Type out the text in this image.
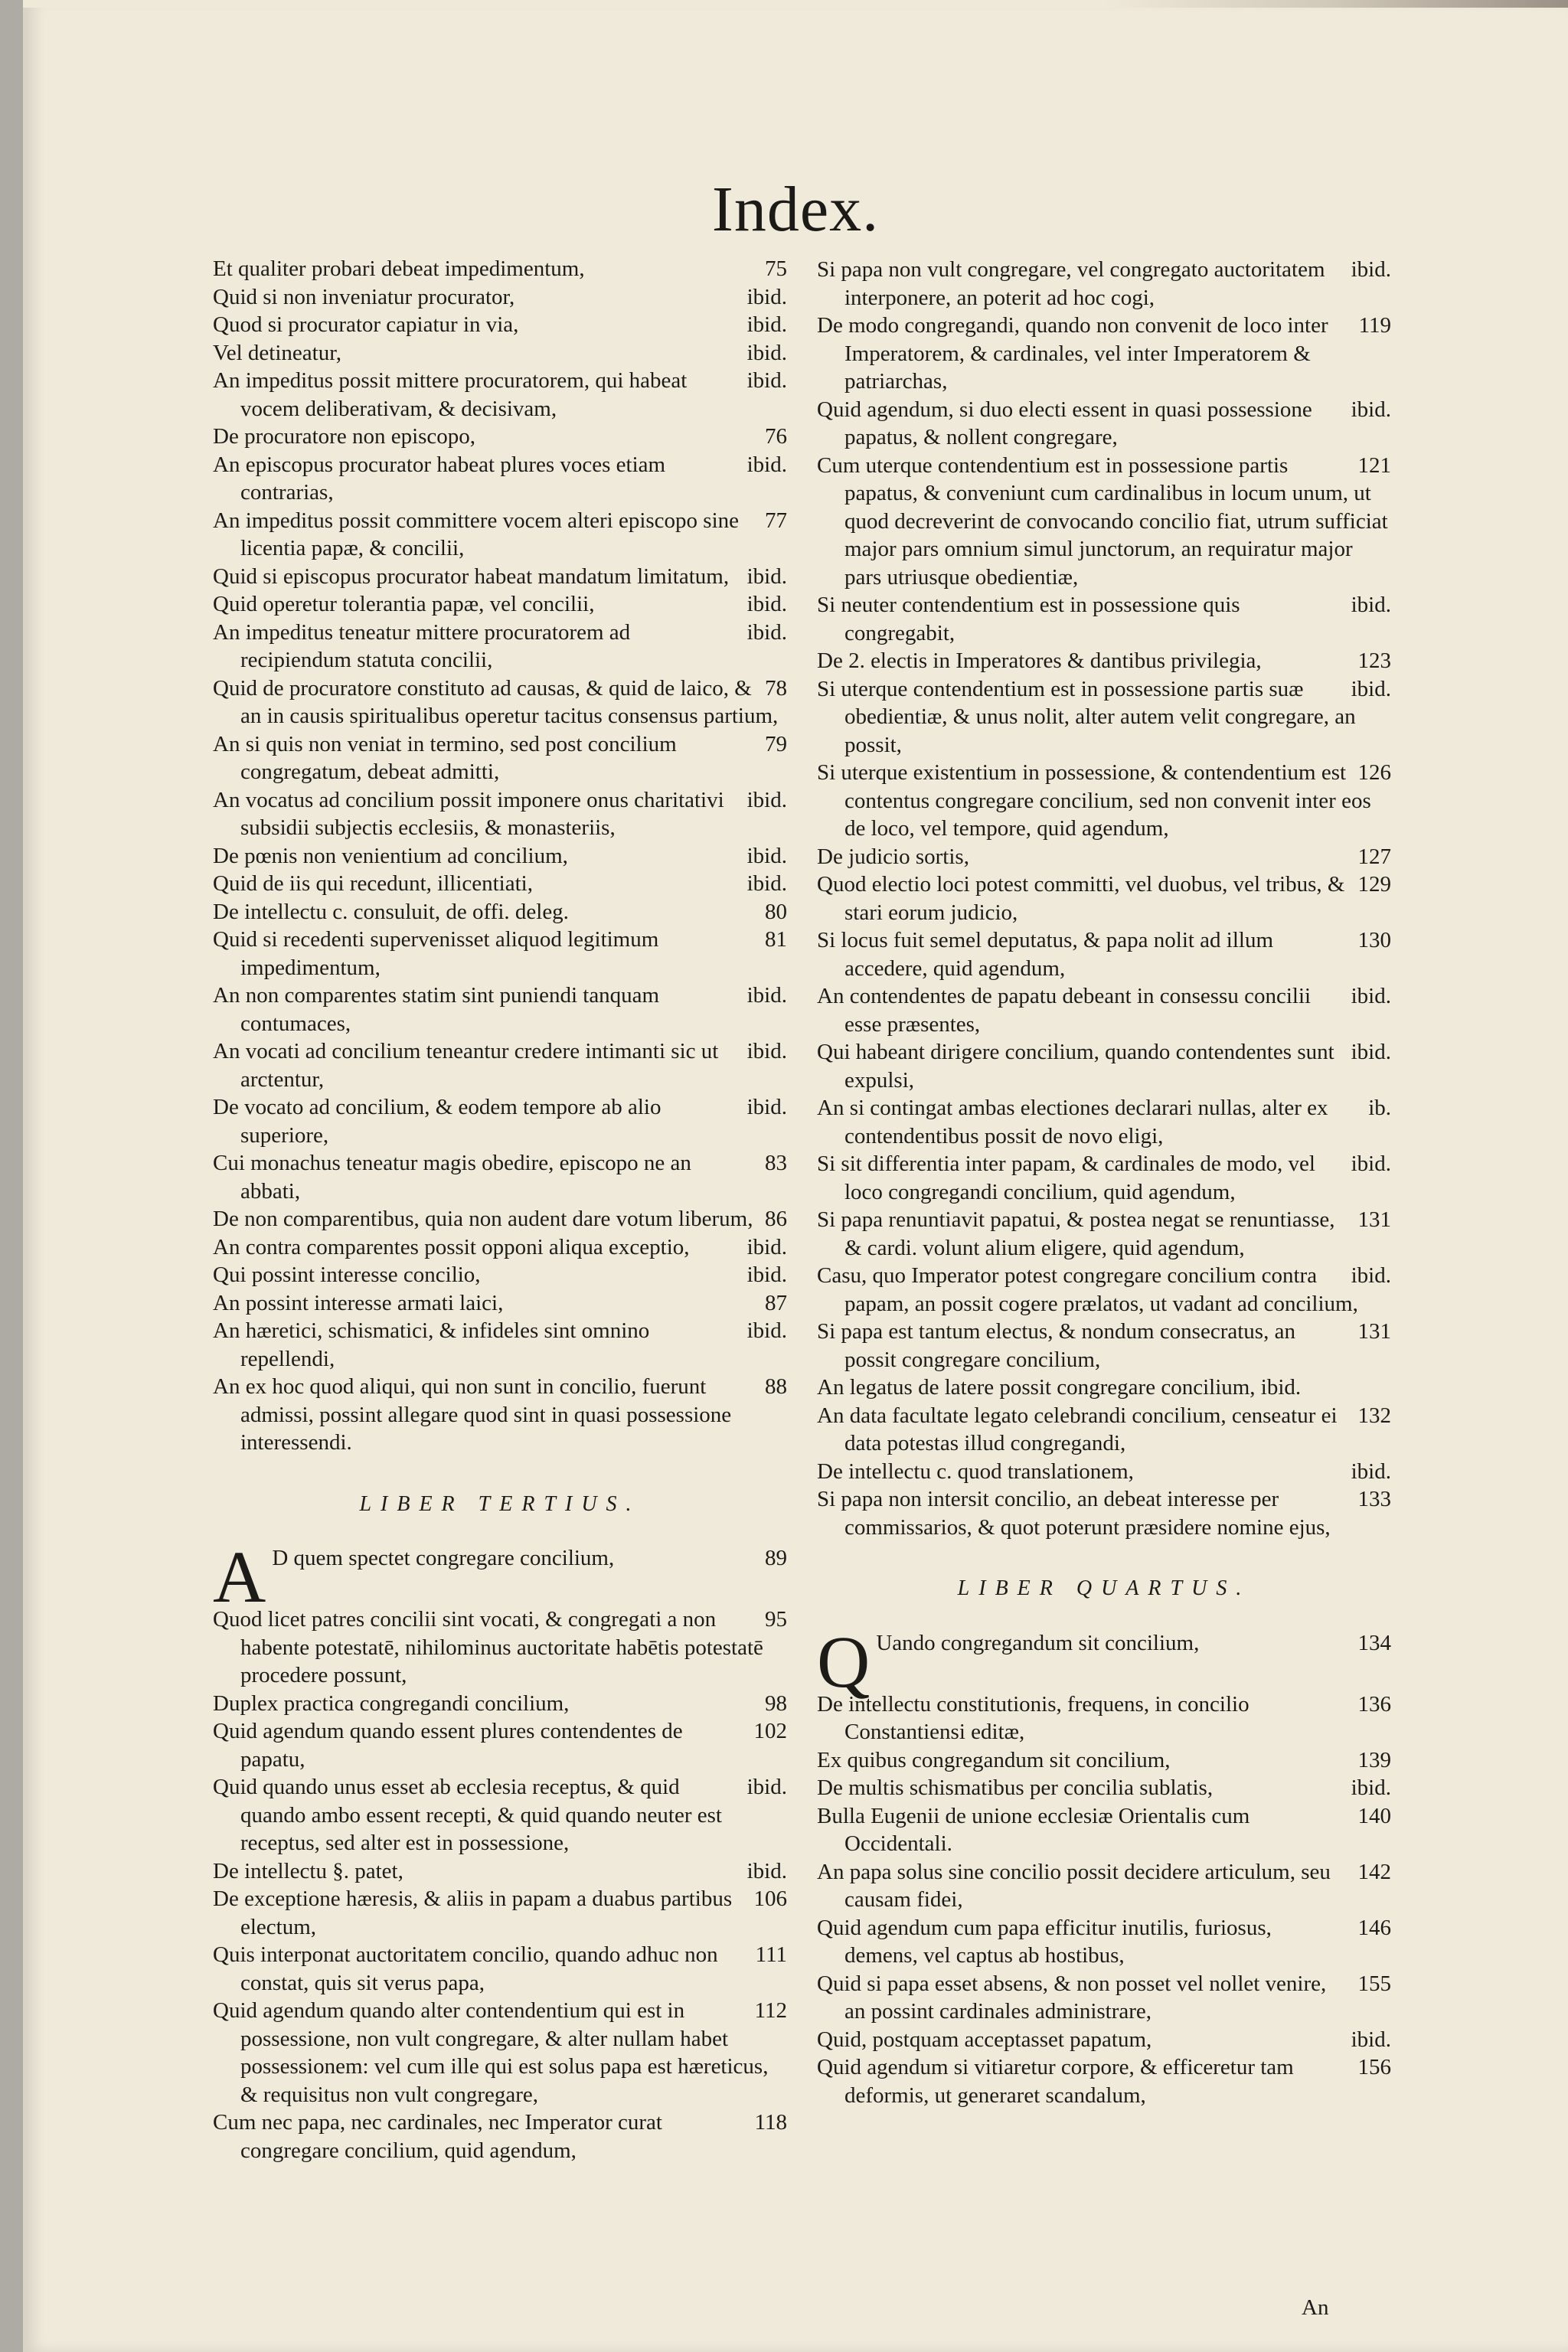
Index.
75
Et qualiter probari debeat impedimentum,
ibid.
Quid si non inveniatur procurator,
ibid.
Quod si procurator capiatur in via,
ibid.
Vel detineatur,
ibid.
An impeditus possit mittere procuratorem, qui habeat vocem deliberativam, & decisivam,
76
De procuratore non episcopo,
ibid.
An episcopus procurator habeat plures voces etiam contrarias,
77
An impeditus possit committere vocem alteri episcopo sine licentia papæ, & concilii,
ibid.
Quid si episcopus procurator habeat mandatum limitatum,
ibid.
Quid operetur tolerantia papæ, vel concilii,
ibid.
An impeditus teneatur mittere procuratorem ad recipiendum statuta concilii,
78
Quid de procuratore constituto ad causas, & quid de laico, & an in causis spiritualibus operetur tacitus consensus partium,
79
An si quis non veniat in termino, sed post concilium congregatum, debeat admitti,
ibid.
An vocatus ad concilium possit imponere onus charitativi subsidii subjectis ecclesiis, & monasteriis,
ibid.
De pœnis non venientium ad concilium,
ibid.
Quid de iis qui recedunt, illicentiati,
80
De intellectu c. consuluit, de offi. deleg.
81
Quid si recedenti supervenisset aliquod legitimum impedimentum,
ibid.
An non comparentes statim sint puniendi tanquam contumaces,
ibid.
An vocati ad concilium teneantur credere intimanti sic ut arctentur,
ibid.
De vocato ad concilium, & eodem tempore ab alio superiore,
83
Cui monachus teneatur magis obedire, episcopo ne an abbati,
86
De non comparentibus, quia non audent dare votum liberum,
ibid.
An contra comparentes possit opponi aliqua exceptio,
ibid.
Qui possint interesse concilio,
87
An possint interesse armati laici,
ibid.
An hæretici, schismatici, & infideles sint omnino repellendi,
88
An ex hoc quod aliqui, qui non sunt in concilio, fuerunt admissi, possint allegare quod sint in quasi possessione interessendi.
LIBER TERTIUS.
A	89
D quem spectet congregare concilium,
95
Quod licet patres concilii sint vocati, & congregati a non habente potestatē, nihilominus auctoritate habētis potestatē procedere possunt,
98
Duplex practica congregandi concilium,
102
Quid agendum quando essent plures contendentes de papatu,
ibid.
Quid quando unus esset ab ecclesia receptus, & quid quando ambo essent recepti, & quid quando neuter est receptus, sed alter est in possessione,
ibid.
De intellectu §. patet,
106
De exceptione hæresis, & aliis in papam a duabus partibus electum,
111
Quis interponat auctoritatem concilio, quando adhuc non constat, quis sit verus papa,
112
Quid agendum quando alter contendentium qui est in possessione, non vult congregare, & alter nullam habet possessionem: vel cum ille qui est solus papa est hæreticus, & requisitus non vult congregare,
118
Cum nec papa, nec cardinales, nec Imperator curat congregare concilium, quid agendum,
ibid.
Si papa non vult congregare, vel congregato auctoritatem interponere, an poterit ad hoc cogi,
119
De modo congregandi, quando non convenit de loco inter Imperatorem, & cardinales, vel inter Imperatorem & patriarchas,
ibid.
Quid agendum, si duo electi essent in quasi possessione papatus, & nollent congregare,
121
Cum uterque contendentium est in possessione partis papatus, & conveniunt cum cardinalibus in locum unum, ut quod decreverint de convocando concilio fiat, utrum sufficiat major pars omnium simul junctorum, an requiratur major pars utriusque obedientiæ,
ibid.
Si neuter contendentium est in possessione quis congregabit,
123
De 2. electis in Imperatores & dantibus privilegia,
ibid.
Si uterque contendentium est in possessione partis suæ obedientiæ, & unus nolit, alter autem velit congregare, an possit,
126
Si uterque existentium in possessione, & contendentium est contentus congregare concilium, sed non convenit inter eos de loco, vel tempore, quid agendum,
127
De judicio sortis,
129
Quod electio loci potest committi, vel duobus, vel tribus, & stari eorum judicio,
130
Si locus fuit semel deputatus, & papa nolit ad illum accedere, quid agendum,
ibid.
An contendentes de papatu debeant in consessu concilii esse præsentes,
ibid.
Qui habeant dirigere concilium, quando contendentes sunt expulsi,
ib.
An si contingat ambas electiones declarari nullas, alter ex contendentibus possit de novo eligi,
ibid.
Si sit differentia inter papam, & cardinales de modo, vel loco congregandi concilium, quid agendum,
131
Si papa renuntiavit papatui, & postea negat se renuntiasse, & cardi. volunt alium eligere, quid agendum,
ibid.
Casu, quo Imperator potest congregare concilium contra papam, an possit cogere prælatos, ut vadant ad concilium,
131
Si papa est tantum electus, & nondum consecratus, an possit congregare concilium,
An legatus de latere possit congregare concilium, ibid.
132
An data facultate legato celebrandi concilium, censeatur ei data potestas illud congregandi,
ibid.
De intellectu c. quod translationem,
133
Si papa non intersit concilio, an debeat interesse per commissarios, & quot poterunt præsidere nomine ejus,
LIBER QUARTUS.
Q	134
Uando congregandum sit concilium,
136
De intellectu constitutionis, frequens, in concilio Constantiensi editæ,
139
Ex quibus congregandum sit concilium,
ibid.
De multis schismatibus per concilia sublatis,
140
Bulla Eugenii de unione ecclesiæ Orientalis cum Occidentali.
142
An papa solus sine concilio possit decidere articulum, seu causam fidei,
146
Quid agendum cum papa efficitur inutilis, furiosus, demens, vel captus ab hostibus,
155
Quid si papa esset absens, & non posset vel nollet venire, an possint cardinales administrare,
ibid.
Quid, postquam acceptasset papatum,
156
Quid agendum si vitiaretur corpore, & efficeretur tam deformis, ut generaret scandalum,
An
